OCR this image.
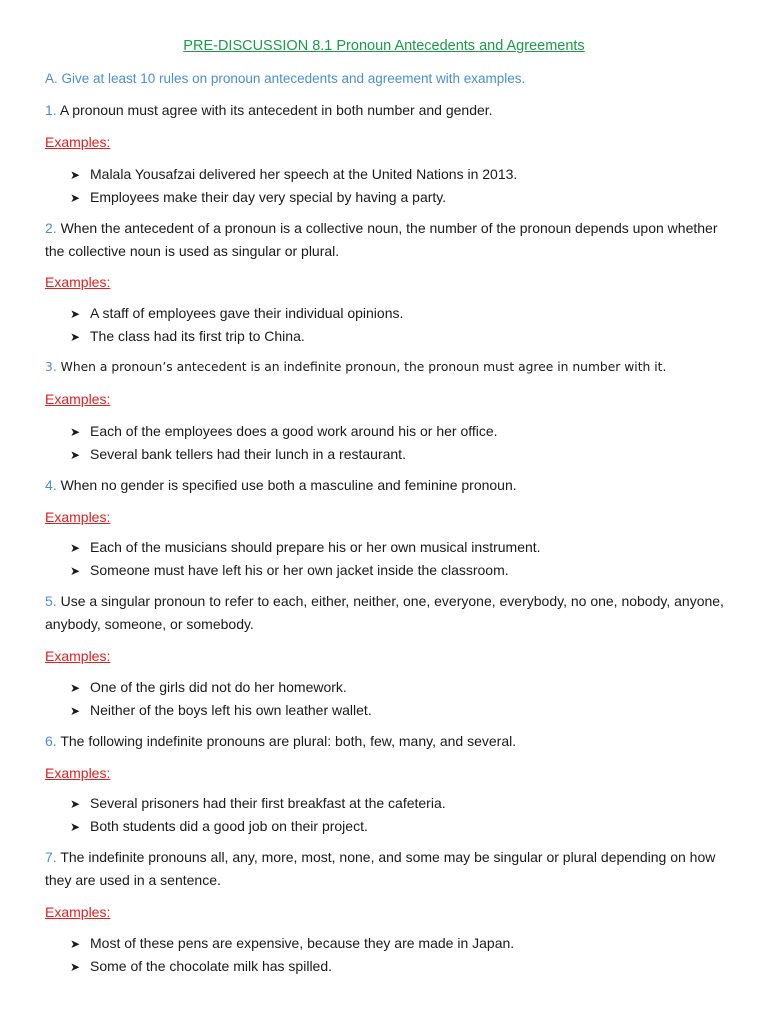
PRE-DISCUSSION 8.1 Pronoun Antecedents and Agreements
A. Give at least 10 rules on pronoun antecedents and agreement with examples.
1. A pronoun must agree with its antecedent in both number and gender.
Examples:
➤ Malala Yousafzai delivered her speech at the United Nations in 2013.
➤ Employees make their day very special by having a party.
2. When the antecedent of a pronoun is a collective noun, the number of the pronoun depends upon whether the collective noun is used as singular or plural.
Examples:
➤ A staff of employees gave their individual opinions.
➤ The class had its first trip to China.
3. When a pronoun’s antecedent is an indefinite pronoun, the pronoun must agree in number with it.
Examples:
➤ Each of the employees does a good work around his or her office.
➤ Several bank tellers had their lunch in a restaurant.
4. When no gender is specified use both a masculine and feminine pronoun.
Examples:
➤ Each of the musicians should prepare his or her own musical instrument.
➤ Someone must have left his or her own jacket inside the classroom.
5. Use a singular pronoun to refer to each, either, neither, one, everyone, everybody, no one, nobody, anyone, anybody, someone, or somebody.
Examples:
➤ One of the girls did not do her homework.
➤ Neither of the boys left his own leather wallet.
6. The following indefinite pronouns are plural: both, few, many, and several.
Examples:
➤ Several prisoners had their first breakfast at the cafeteria.
➤ Both students did a good job on their project.
7. The indefinite pronouns all, any, more, most, none, and some may be singular or plural depending on how they are used in a sentence.
Examples:
➤ Most of these pens are expensive, because they are made in Japan.
➤ Some of the chocolate milk has spilled.
